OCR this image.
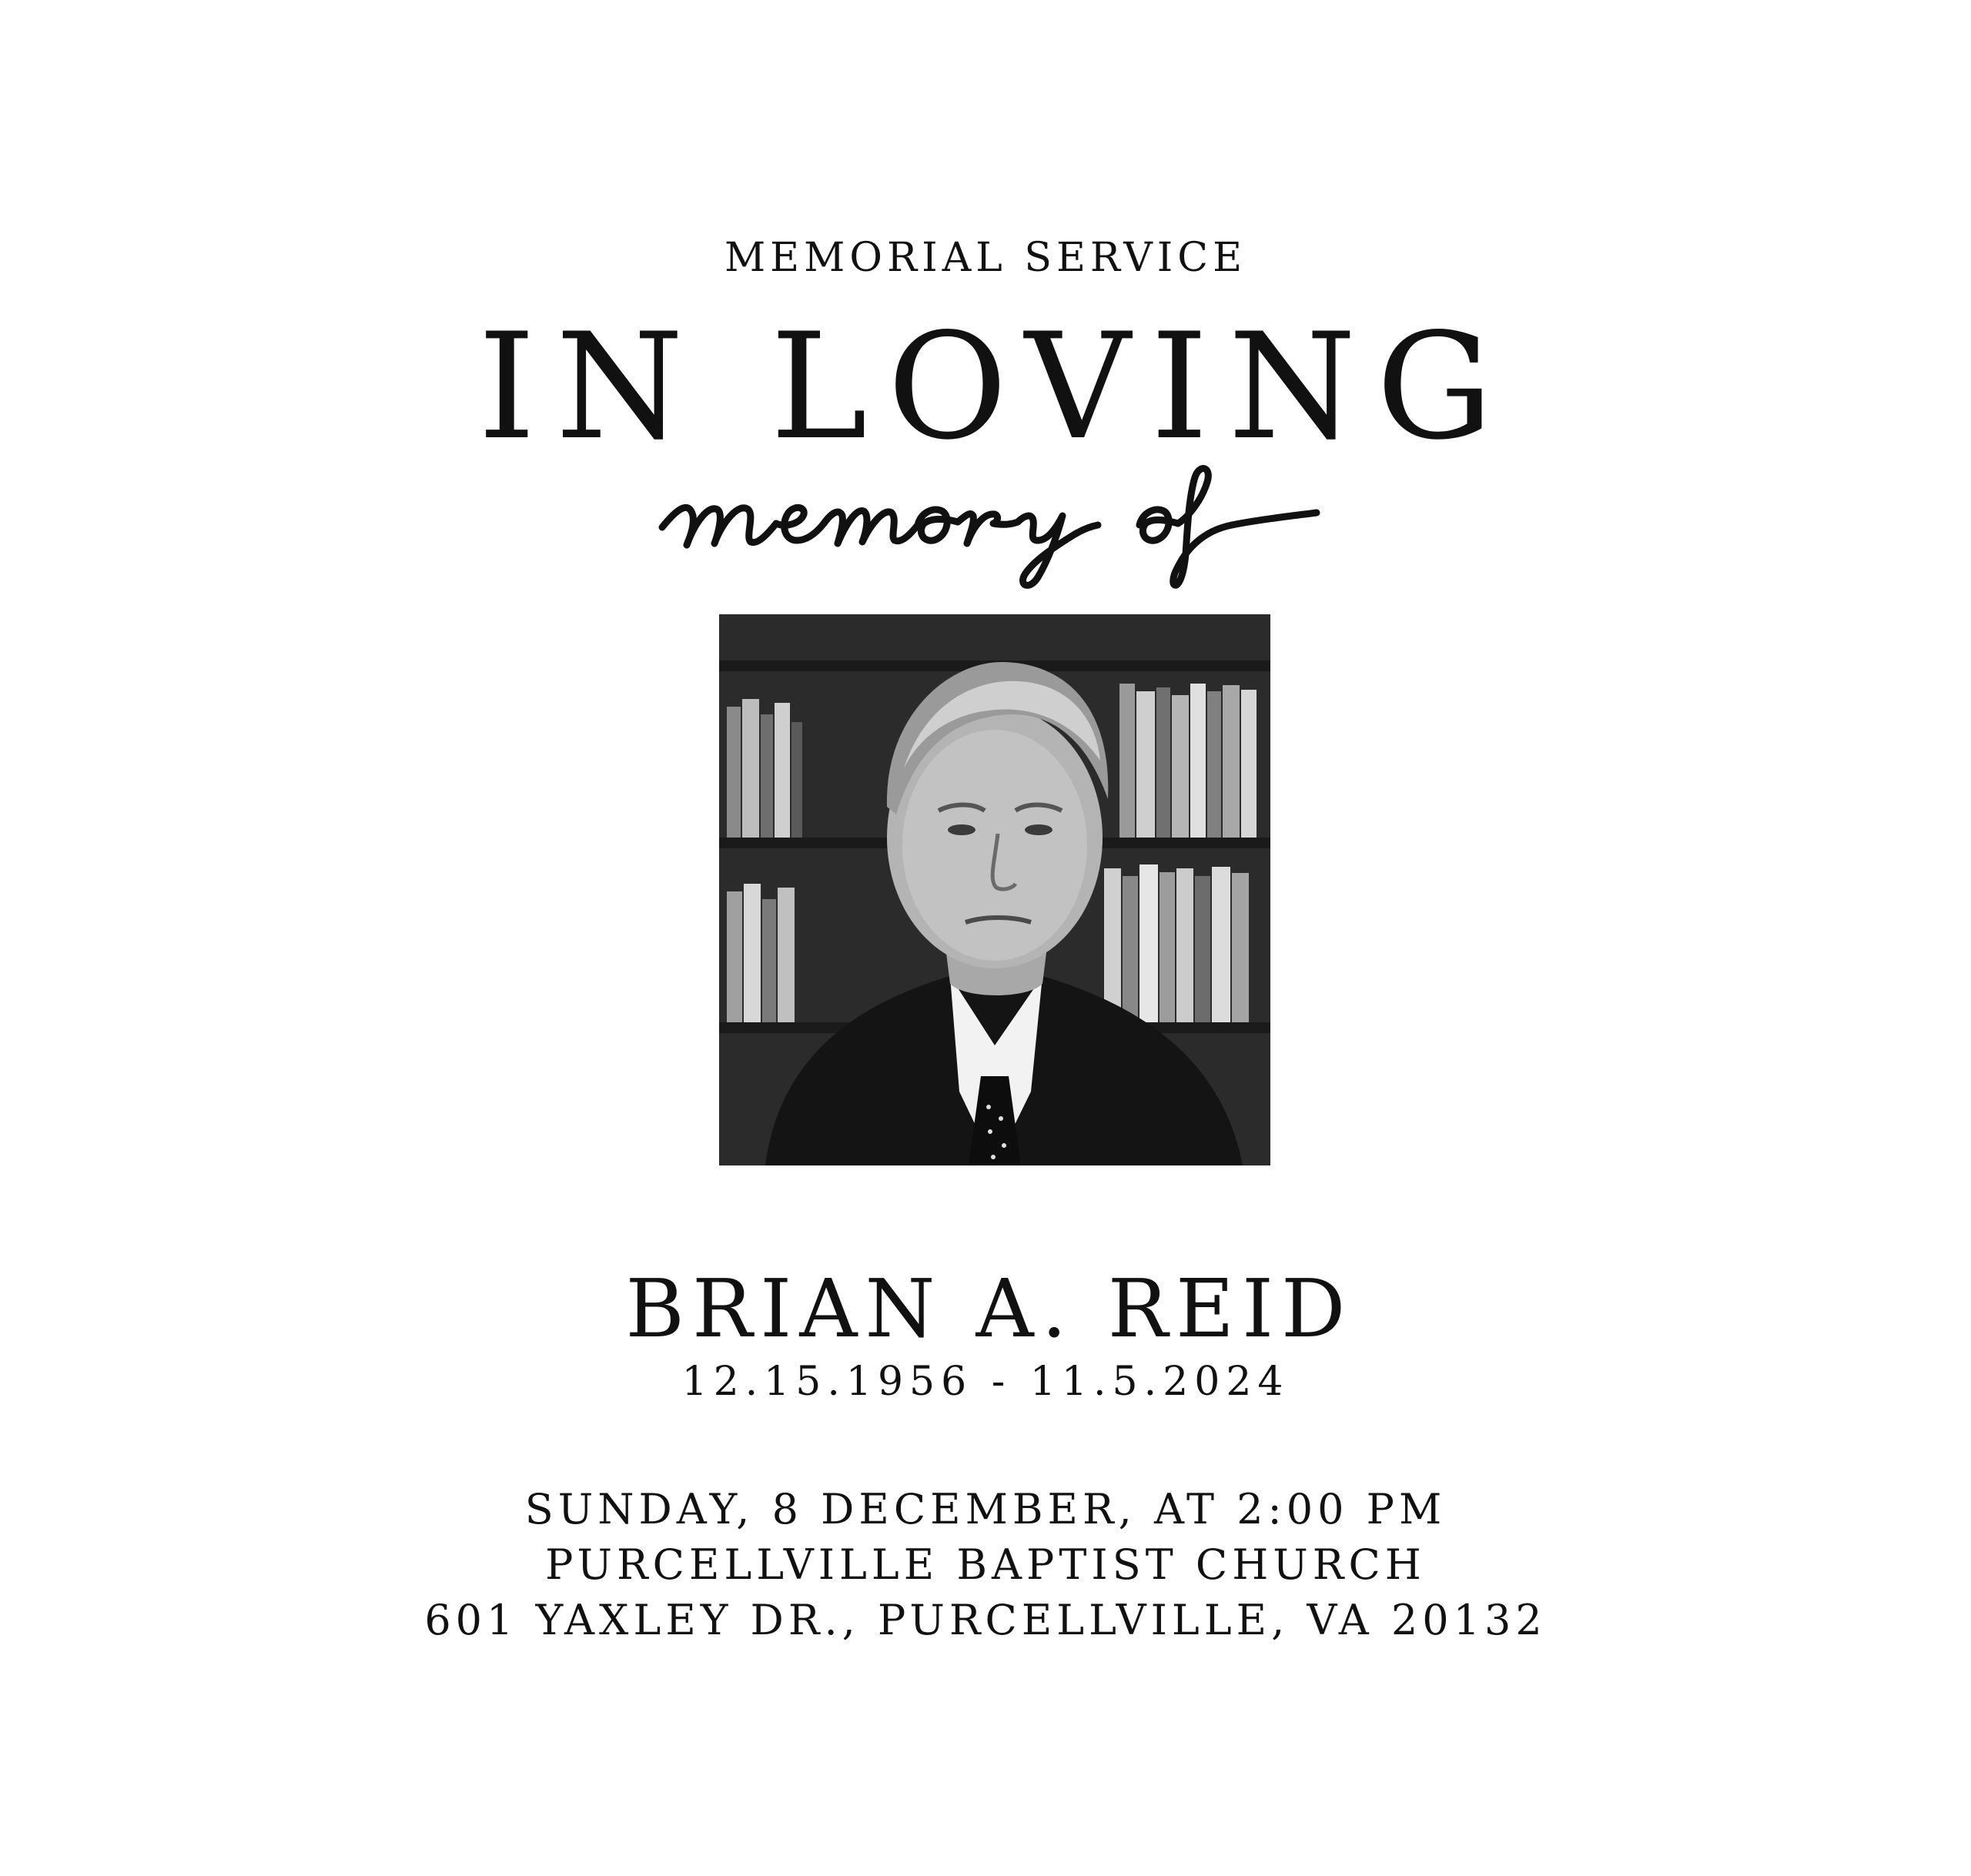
MEMORIAL SERVICE
IN LOVING
BRIAN A. REID
12.15.1956 - 11.5.2024
SUNDAY, 8 DECEMBER, AT 2:00 PM
PURCELLVILLE BAPTIST CHURCH
601 YAXLEY DR., PURCELLVILLE, VA 20132
